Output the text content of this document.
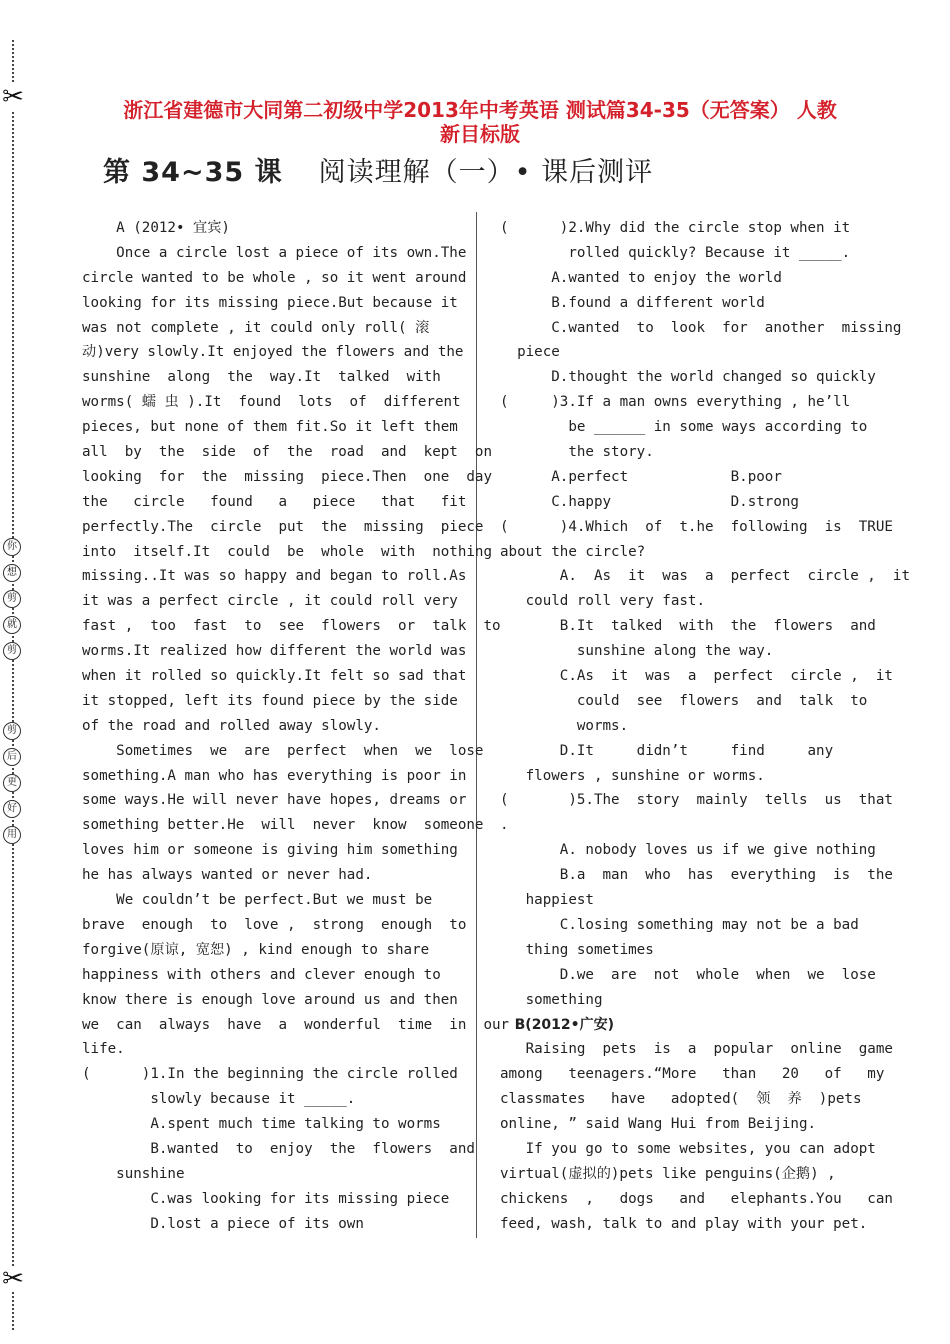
✂
✂
你
想
剪
就
剪
剪
后
更
好
用
浙江省建德市大同第二初级中学2013年中考英语 测试篇34-35（无答案） 人教
新目标版
第 34~35 课 阅读理解（一）• 课后测评
A (2012• 宜宾)
Once a circle lost a piece of its own.The
circle wanted to be whole , so it went around
looking for its missing piece.But because it
was not complete , it could only roll( 滚
动)very slowly.It enjoyed the flowers and the
sunshine  along  the  way.It  talked  with
worms( 蠕 虫 ).It  found  lots  of  different
pieces, but none of them fit.So it left them
all  by  the  side  of  the  road  and  kept  on
looking  for  the  missing  piece.Then  one  day
the   circle   found   a   piece   that   fit
perfectly.The  circle  put  the  missing  piece
into  itself.It  could  be  whole  with  nothing
missing..It was so happy and began to roll.As
it was a perfect circle , it could roll very
fast ,  too  fast  to  see  flowers  or  talk  to
worms.It realized how different the world was
when it rolled so quickly.It felt so sad that
it stopped, left its found piece by the side
of the road and rolled away slowly.
Sometimes  we  are  perfect  when  we  lose
something.A man who has everything is poor in
some ways.He will never have hopes, dreams or
something better.He  will  never  know  someone
loves him or someone is giving him something
he has always wanted or never had.
We couldn’t be perfect.But we must be
brave  enough  to  love ,  strong  enough  to
forgive(原谅, 宽恕) , kind enough to share
happiness with others and clever enough to
know there is enough love around us and then
we  can  always  have  a  wonderful  time  in  our
life.
(      )1.In the beginning the circle rolled
slowly because it _____.
A.spent much time talking to worms
B.wanted  to  enjoy  the  flowers  and
sunshine
C.was looking for its missing piece
D.lost a piece of its own
(      )2.Why did the circle stop when it
rolled quickly? Because it _____.
A.wanted to enjoy the world
B.found a different world
C.wanted  to  look  for  another  missing
piece
D.thought the world changed so quickly
(     )3.If a man owns everything , he’ll
be ______ in some ways according to
the story.
A.perfect            B.poor
C.happy              D.strong
(      )4.Which  of  t.he  following  is  TRUE
about the circle?
A.  As  it  was  a  perfect  circle ,  it
could roll very fast.
B.It  talked  with  the  flowers  and
sunshine along the way.
C.As  it  was  a  perfect  circle ,  it
could  see  flowers  and  talk  to
worms.
D.It     didn’t     find     any
flowers , sunshine or worms.
(       )5.The  story  mainly  tells  us  that
.
A. nobody loves us if we give nothing
B.a  man  who  has  everything  is  the
happiest
C.losing something may not be a bad
thing sometimes
D.we  are  not  whole  when  we  lose
something
B(2012•广安)
Raising  pets  is  a  popular  online  game
among   teenagers.“More   than   20   of   my
classmates   have   adopted(  领  养  )pets
online, ” said Wang Hui from Beijing.
If you go to some websites, you can adopt
virtual(虚拟的)pets like penguins(企鹅) ,
chickens  ,   dogs   and   elephants.You   can
feed, wash, talk to and play with your pet.
